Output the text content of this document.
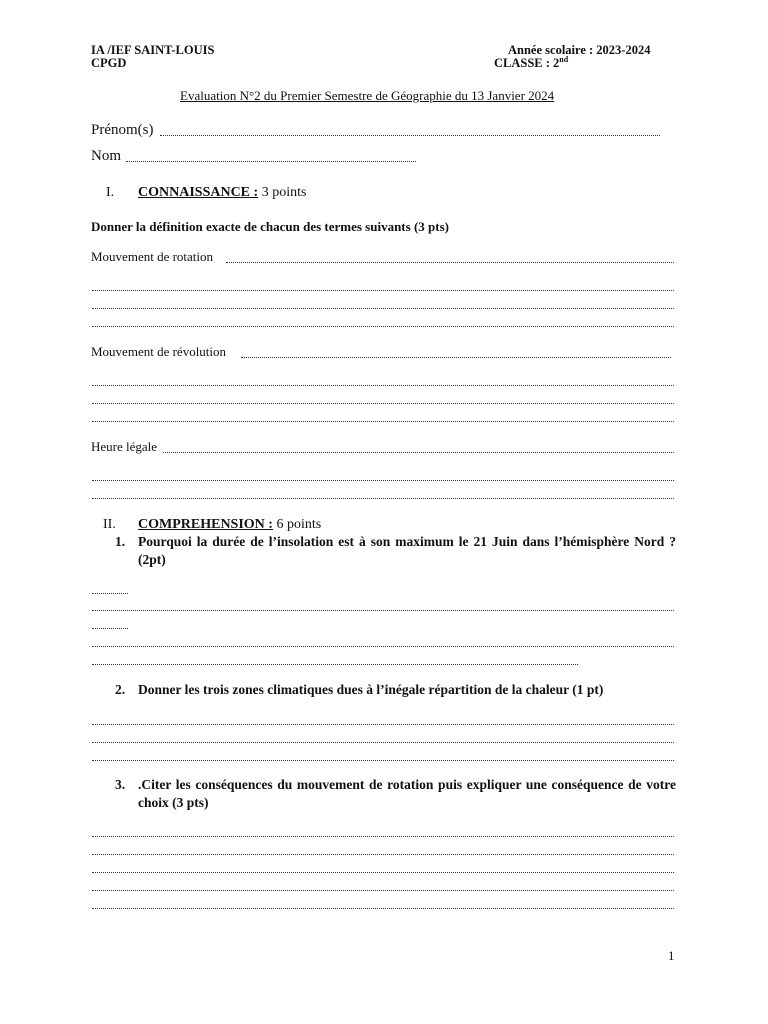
IA /IEF SAINT-LOUIS
CPGD
Année scolaire : 2023-2024
CLASSE : 2nd
Evaluation N°2 du Premier Semestre de Géographie du 13 Janvier 2024
Prénom(s)
Nom
I. CONNAISSANCE : 3 points
Donner la définition exacte de chacun des termes suivants (3 pts)
Mouvement de rotation
Mouvement de révolution
Heure légale
II. COMPREHENSION : 6 points
1. Pourquoi la durée de l’insolation est à son maximum le 21 Juin dans l’hémisphère Nord ? (2pt)
2. Donner les trois zones climatiques dues à l’inégale répartition de la chaleur (1 pt)
3. .Citer les conséquences du mouvement de rotation puis expliquer une conséquence de votre choix (3 pts)
1
